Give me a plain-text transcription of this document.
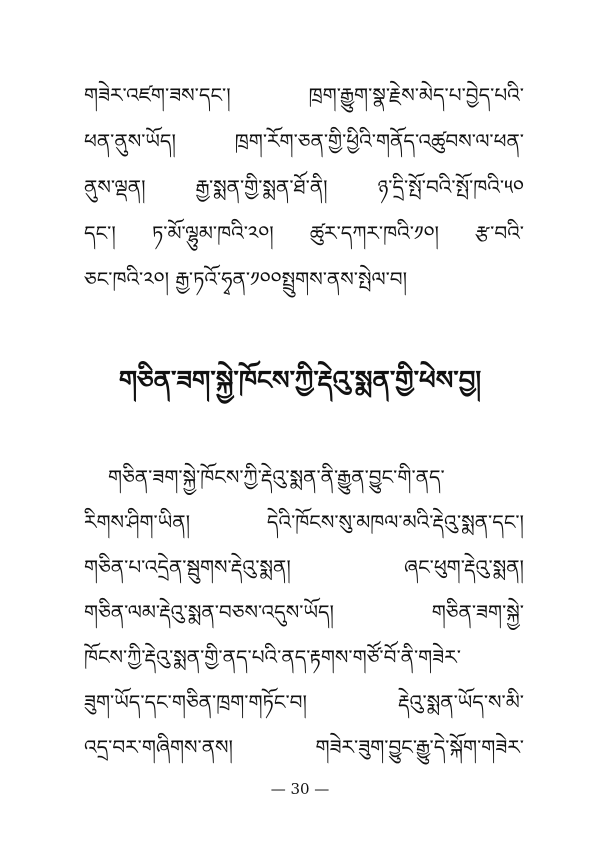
གཟེར་འཛག་ཟས་དང་། ཁྲག་རྒྱུག་སྣ་རྗེས་མེད་པ་བྱེད་པའི་
ཕན་ནུས་ཡོད། ཁྲག་རོག་ཅན་གྱི་ཕྱིའི་གནོད་འཚུབས་ལ་ཕན་
ནུས་ལྡན། རྒྱ་སྨན་གྱི་སྨན་ཐོ་ནི། ཉ་དྲི་སྤོ་བའི་སྤོ་ཁའི་༥༠
དང་། ཏ་མོ་ལྷུམ་ཁའི་༢༠། ཚུར་དཀར་ཁའི་༡༠། རྩ་བའི་
ཅང་ཁའི་༢༠། རྒྱ་ཏའོ་ཧྭན་༡༠༠སྤྲུགས་ནས་སྤེལ་བ།
གཅིན་ཟག་སྐྱེ་ཁོངས་ཀྱི་རྡེའུ་སྨན་གྱི་ཕེས་བྱ།
གཅིན་ཟག་སྐྱེ་ཁོངས་ཀྱི་རྡེའུ་སྨན་ནི་རྒྱུན་བྱུང་གི་ནད་
རིགས་ཤིག་ཡིན། དེའི་ཁོངས་སུ་མཁལ་མའི་རྡེའུ་སྨན་དང་།
གཅིན་པ་འདྲེན་སྦུགས་རྡེའུ་སྨན། ཞང་ཕུག་རྡེའུ་སྨན།
གཅིན་ལམ་རྡེའུ་སྨན་བཅས་འདུས་ཡོད། གཅིན་ཟག་སྐྱེ་
ཁོངས་ཀྱི་རྡེའུ་སྨན་གྱི་ནད་པའི་ནད་རྟགས་གཙོ་བོ་ནི་གཟེར་
ཟུག་ཡོད་དང་གཅིན་ཁྲག་གཏོང་བ། རྡེའུ་སྨན་ཡོད་ས་མི་
འདྲ་བར་གཞིགས་ནས། གཟེར་ཟུག་བྱུང་རྒྱུ་དེ་སྐོག་གཟེར་
— 30 —
